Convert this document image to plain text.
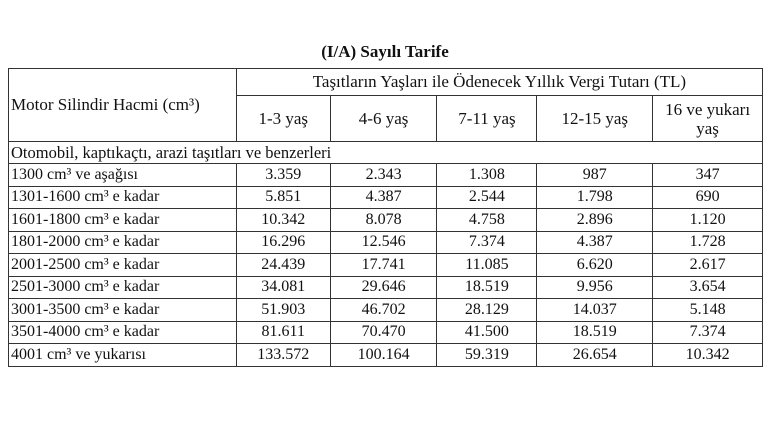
(I/A) Sayılı Tarife
Motor Silindir Hacmi (cm³)	Taşıtların Yaşları ile Ödenecek Yıllık Vergi Tutarı (TL)				
	1-3 yaş	4-6 yaş	7-11 yaş	12-15 yaş	16 ve yukarı yaş
Otomobil, kaptıkaçtı, arazi taşıtları ve benzerleri					
1300 cm³ ve aşağısı	3.359	2.343	1.308	987	347
1301-1600 cm³ e kadar	5.851	4.387	2.544	1.798	690
1601-1800 cm³ e kadar	10.342	8.078	4.758	2.896	1.120
1801-2000 cm³ e kadar	16.296	12.546	7.374	4.387	1.728
2001-2500 cm³ e kadar	24.439	17.741	11.085	6.620	2.617
2501-3000 cm³ e kadar	34.081	29.646	18.519	9.956	3.654
3001-3500 cm³ e kadar	51.903	46.702	28.129	14.037	5.148
3501-4000 cm³ e kadar	81.611	70.470	41.500	18.519	7.374
4001 cm³ ve yukarısı	133.572	100.164	59.319	26.654	10.342
